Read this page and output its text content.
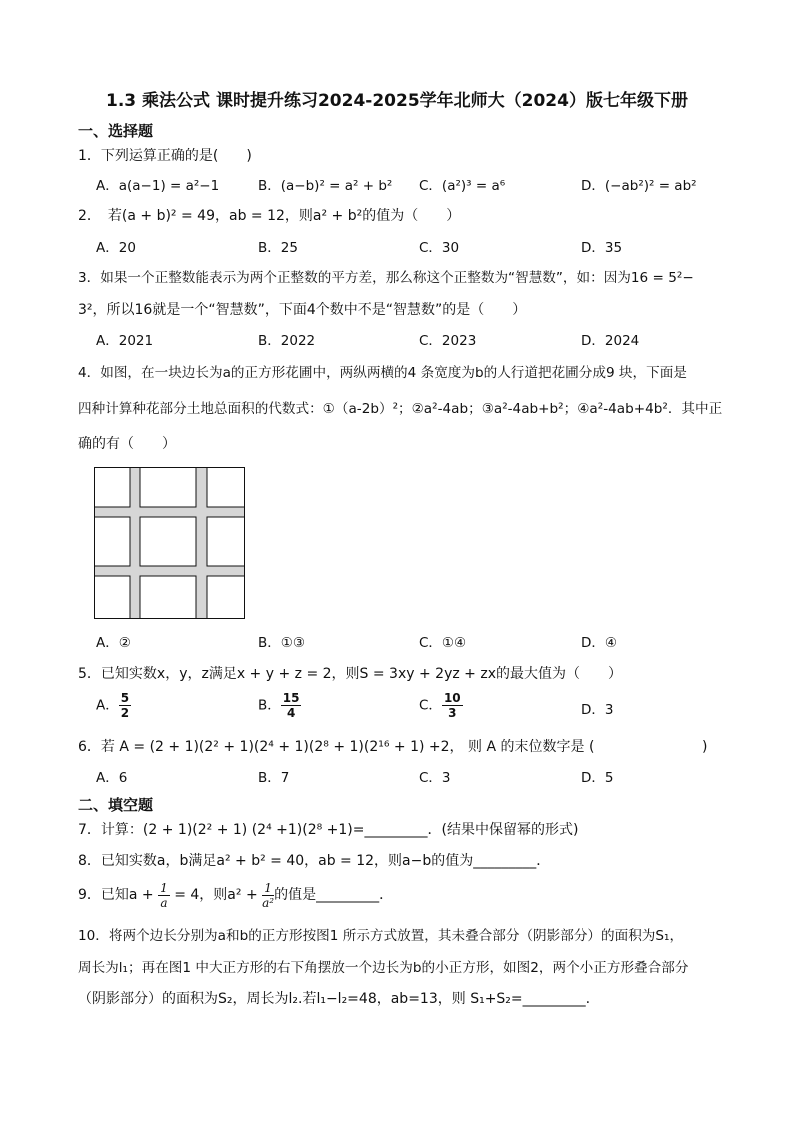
1.3 乘法公式 课时提升练习2024-2025学年北师大（2024）版七年级下册
一、选择题
1．下列运算正确的是(　　)
A．a(a−1) = a²−1	B．(a−b)² = a² + b² C．(a²)³ = a⁶	D．(−ab²)² = ab²
2．　若(a + b)² = 49，ab = 12，则a² + b²的值为（　　）
A．20	B．25	C．30	D．35
3．如果一个正整数能表示为两个正整数的平方差，那么称这个正整数为“智慧数”，如：因为16 = 5²−
3²，所以16就是一个“智慧数”，下面4个数中不是“智慧数”的是（　　）
A．2021	B．2022	C．2023	D．2024
4．如图，在一块边长为a的正方形花圃中，两纵两横的4 条宽度为b的人行道把花圃分成9 块，下面是
四种计算种花部分土地总面积的代数式：①（a-2b）²；②a²-4ab；③a²-4ab+b²；④a²-4ab+4b²．其中正
确的有（　　）
A．②	B．①③	C．①④	D．④
5．已知实数x，y，z满足x + y + z = 2，则S = 3xy + 2yz + zx的最大值为（　　）
A． $\frac{5}{2}$	B． $\frac{15}{4}$	C． $\frac{10}{3}$	D．3
6．若 A = (2 + 1)(2² + 1)(2⁴ + 1)(2⁸ + 1)(2¹⁶ + 1) +2， 则 A 的末位数字是 (	)
A．6	B．7	C．3	D．5
二、填空题
7．计算：(2 + 1)(2² + 1) (2⁴ +1)(2⁸ +1)=_________．(结果中保留幂的形式)
8．已知实数a，b满足a² + b² = 40，ab = 12，则a−b的值为_________．
9．已知$a + \frac{1}{a} = 4$，则$a^2 + \frac{1}{\text{a²}}$ 的值是_________．
10．将两个边长分别为a和b的正方形按图1 所示方式放置，其未叠合部分（阴影部分）的面积为S₁，
周长为l₁；再在图1 中大正方形的右下角摆放一个边长为b的小正方形，如图2，两个小正方形叠合部分
（阴影部分）的面积为S₂，周长为l₂.若l₁−l₂=48，ab=13，则 S₁+S₂=_________.
